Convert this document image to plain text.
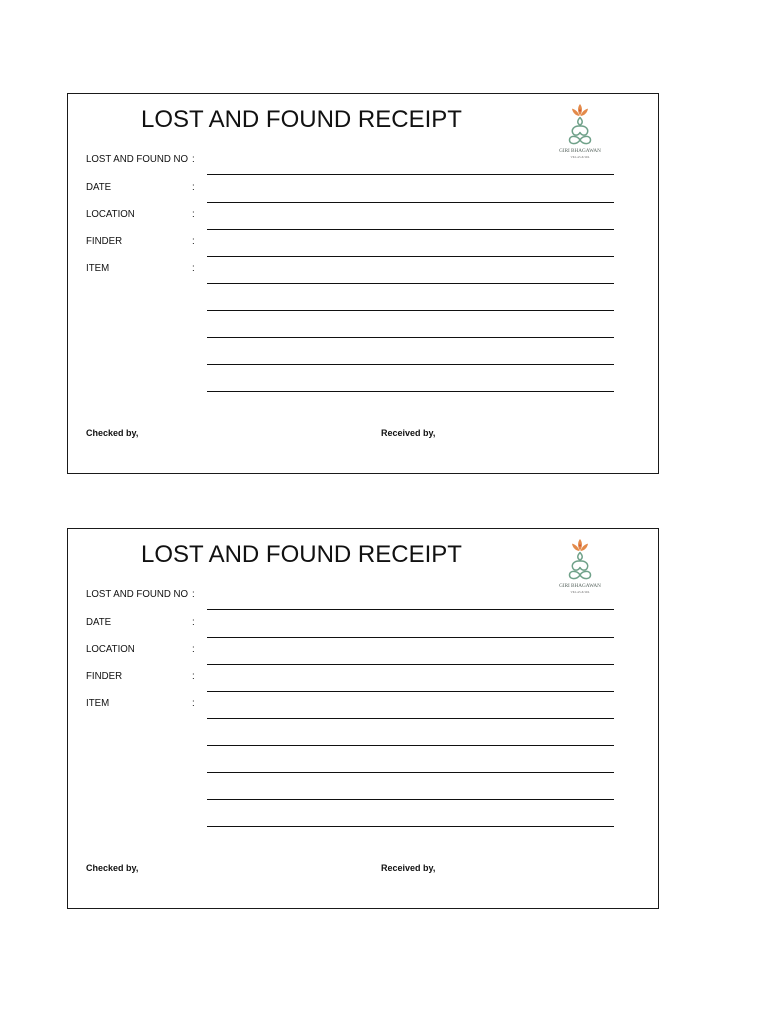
LOST AND FOUND RECEIPT
GIRI BHAGAWAN
VILLAS & SPA
LOST AND FOUND NO :
DATE	:
LOCATION	:
FINDER	:
ITEM	:
Checked by,	Received by,
LOST AND FOUND RECEIPT
GIRI BHAGAWAN
VILLAS & SPA
LOST AND FOUND NO :
DATE	:
LOCATION	:
FINDER	:
ITEM	:
Checked by,	Received by,
